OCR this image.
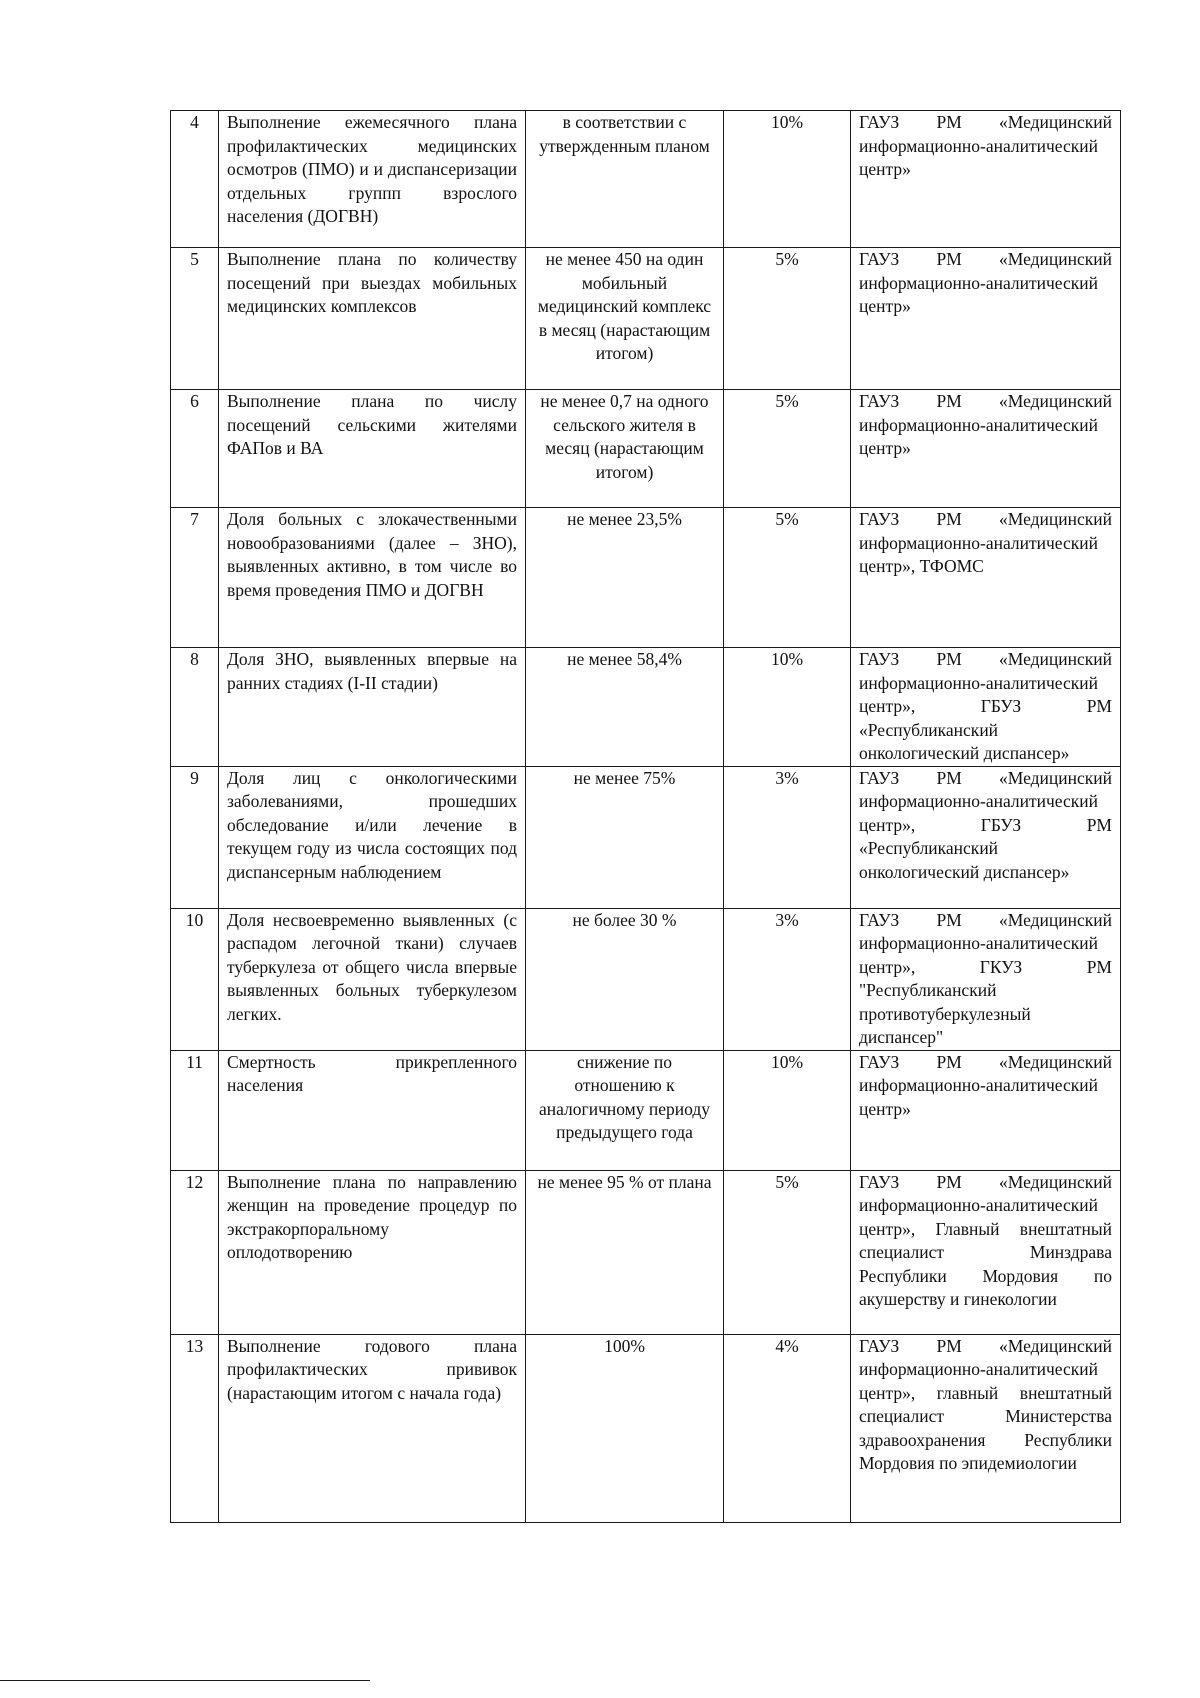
4	Выполнение ежемесячного плана профилактических медицинских осмотров (ПМО) и и диспансеризации отдельных группп взрослого населения (ДОГВН)	в соответствии с утвержденным планом	10%	ГАУЗ РМ «Медицинский информационно-аналитический центр»
5	Выполнение плана по количеству посещений при выездах мобильных медицинских комплексов	не менее 450 на один мобильный медицинский комплекс в месяц (нарастающим итогом)	5%	ГАУЗ РМ «Медицинский информационно-аналитический центр»
6	Выполнение плана по числу посещений сельскими жителями ФАПов и ВА	не менее 0,7 на одного сельского жителя в месяц (нарастающим итогом)	5%	ГАУЗ РМ «Медицинский информационно-аналитический центр»
7	Доля больных с злокачественными новообразованиями (далее – ЗНО), выявленных активно, в том числе во время проведения ПМО и ДОГВН	не менее 23,5%	5%	ГАУЗ РМ «Медицинский информационно-аналитический центр», ТФОМС
8	Доля ЗНО, выявленных впервые на ранних стадиях (I-II стадии)	не менее 58,4%	10%	ГАУЗ РМ «Медицинский информационно-аналитический центр», ГБУЗ РМ «Республиканский онкологический диспансер»
9	Доля лиц с онкологическими заболеваниями, прошедших обследование и/или лечение в текущем году из числа состоящих под диспансерным наблюдением	не менее 75%	3%	ГАУЗ РМ «Медицинский информационно-аналитический центр», ГБУЗ РМ «Республиканский онкологический диспансер»
10	Доля несвоевременно выявленных (с распадом легочной ткани) случаев туберкулеза от общего числа впервые выявленных больных туберкулезом легких.	не более 30 %	3%	ГАУЗ РМ «Медицинский информационно-аналитический центр», ГКУЗ РМ "Республиканский противотуберкулезный диспансер"
11	Смертность прикрепленного населения	снижение по отношению к аналогичному периоду предыдущего года	10%	ГАУЗ РМ «Медицинский информационно-аналитический центр»
12	Выполнение плана по направлению женщин на проведение процедур по экстракорпоральному оплодотворению	не менее 95 % от плана	5%	ГАУЗ РМ «Медицинский информационно-аналитический центр», Главный внештатный специалист Минздрава Республики Мордовия по акушерству и гинекологии
13	Выполнение годового плана профилактических прививок (нарастающим итогом с начала года)	100%	4%	ГАУЗ РМ «Медицинский информационно-аналитический центр», главный внештатный специалист Министерства здравоохранения Республики Мордовия по эпидемиологии
